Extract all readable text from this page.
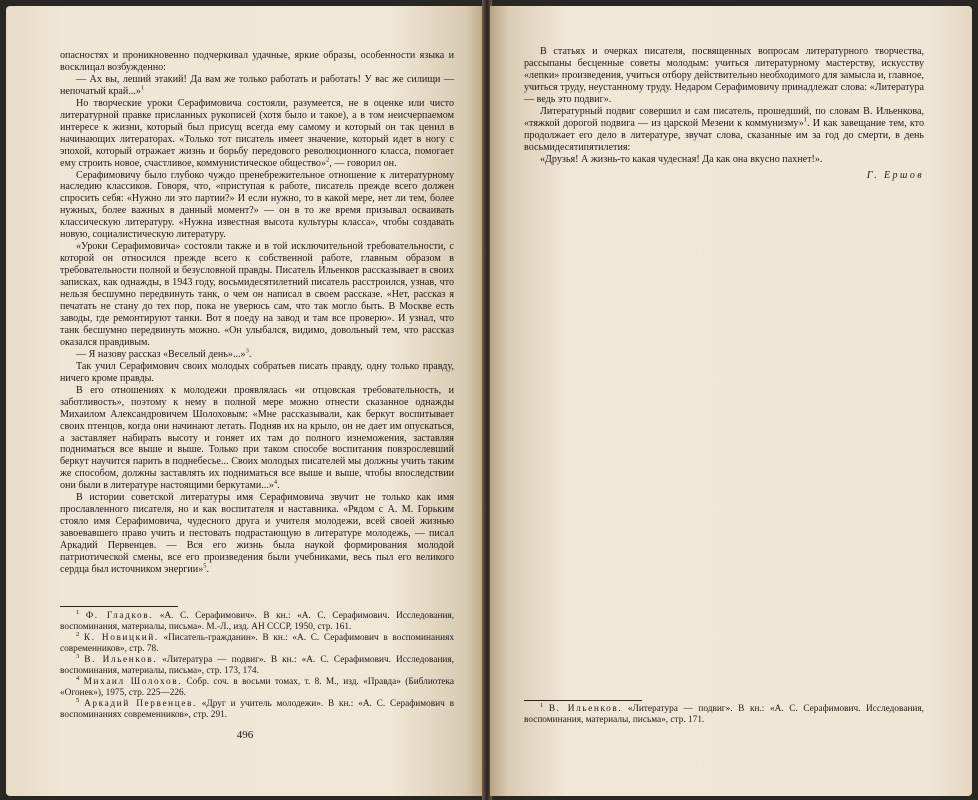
опасностях и проникновенно подчеркивал удачные, яркие образы, особенности языка и восклицал возбужденно:

— Ах вы, леший этакий! Да вам же только работать и работать! У вас же силищи — непочатый край...»$^1$

Но творческие уроки Серафимовича состояли, разумеется, не в оценке или чисто литературной правке присланных рукописей (хотя было и такое), а в том неисчерпаемом интересе к жизни, который был присущ всегда ему самому и который он так ценил в начинающих литераторах. «Только тот писатель имеет значение, который идет в ногу с эпохой, который отражает жизнь и борьбу передового революционного класса, помогает ему строить новое, счастливое, коммунистическое общество»$^2$, — говорил он.

Серафимовичу было глубоко чуждо пренебрежительное отношение к литературному наследию классиков. Говоря, что, «приступая к работе, писатель прежде всего должен спросить себя: «Нужно ли это партии?» И если нужно, то в какой мере, нет ли тем, более нужных, более важных в данный момент?» — он в то же время призывал осваивать классическую литературу. «Нужна известная высота культуры класса», чтобы создавать новую, социалистическую литературу.

«Уроки Серафимовича» состояли также и в той исключительной требовательности, с которой он относился прежде всего к собственной работе, главным образом в требовательности полной и безусловной правды. Писатель Ильенков рассказывает в своих записках, как однажды, в 1943 году, восьмидесятилетний писатель расстроился, узнав, что нельзя бесшумно передвинуть танк, о чем он написал в своем рассказе. «Нет, рассказ я печатать не стану до тех пор, пока не уверюсь сам, что так могло быть. В Москве есть заводы, где ремонтируют танки. Вот я поеду на завод и там все проверю». И узнал, что танк бесшумно передвинуть можно. «Он улыбался, видимо, довольный тем, что рассказ оказался правдивым.

— Я назову рассказ «Веселый день»...»$^3$.

Так учил Серафимович своих молодых собратьев писать правду, одну только правду, ничего кроме правды.

В его отношениях к молодежи проявлялась «и отцовская требовательность, и заботливость», поэтому к нему в полной мере можно отнести сказанное однажды Михаилом Александровичем Шолоховым: «Мне рассказывали, как беркут воспитывает своих птенцов, когда они начинают летать. Подняв их на крыло, он не дает им опускаться, а заставляет набирать высоту и гоняет их там до полного изнеможения, заставляя подниматься все выше и выше. Только при таком способе воспитания повзрослевший беркут научится парить в поднебесье... Своих молодых писателей мы должны учить таким же способом, должны заставлять их подниматься все выше и выше, чтобы впоследствии они были в литературе настоящими беркутами...»$^4$.

В истории советской литературы имя Серафимовича звучит не только как имя прославленного писателя, но и как воспитателя и наставника. «Рядом с А. М. Горьким стояло имя Серафимовича, чудесного друга и учителя молодежи, всей своей жизнью завоевавшего право учить и пестовать подрастающую в литературе молодежь, — писал Аркадий Первенцев. — Вся его жизнь была наукой формирования молодой патриотической смены, все его произведения были учебниками, весь пыл его великого сердца был источником энергии»$^5$.

$^1$ Ф. Гладков. «А. С. Серафимович». В кн.: «А. С. Серафимович. Исследования, воспоминания, материалы, письма». М.-Л., изд. АН СССР, 1950, стр. 161.

$^2$ К. Новицкий. «Писатель-гражданин». В кн.: «А. С. Серафимович в воспоминаниях современников», стр. 78.

$^3$ В. Ильенков. «Литература — подвиг». В кн.: «А. С. Серафимович. Исследования, воспоминания, материалы, письма», стр. 173, 174.

$^4$ Михаил Шолохов. Собр. соч. в восьми томах, т. 8. М., изд. «Правда» (Библиотека «Огонек»), 1975, стр. 225—226.

$^5$ Аркадий Первенцев. «Друг и учитель молодежи». В кн.: «А. С. Серафимович в воспоминаниях современников», стр. 291.

496

В статьях и очерках писателя, посвященных вопросам литературного творчества, рассыпаны бесценные советы молодым: учиться литературному мастерству, искусству «лепки» произведения, учиться отбору действительно необходимого для замысла и, главное, учиться труду, неустанному труду. Недаром Серафимовичу принадлежат слова: «Литература — ведь это подвиг».

Литературный подвиг совершил и сам писатель, прошедший, по словам В. Ильенкова, «тяжкой дорогой подвига — из царской Мезени к коммунизму»$^1$. И как завещание тем, кто продолжает его дело в литературе, звучат слова, сказанные им за год до смерти, в день восьмидесятипятилетия:

«Друзья! А жизнь-то какая чудесная! Да как она вкусно пахнет!».

Г. Ершов

$^1$ В. Ильенков. «Литература — подвиг». В кн.: «А. С. Серафимович. Исследования, воспоминания, материалы, письма», стр. 171.
